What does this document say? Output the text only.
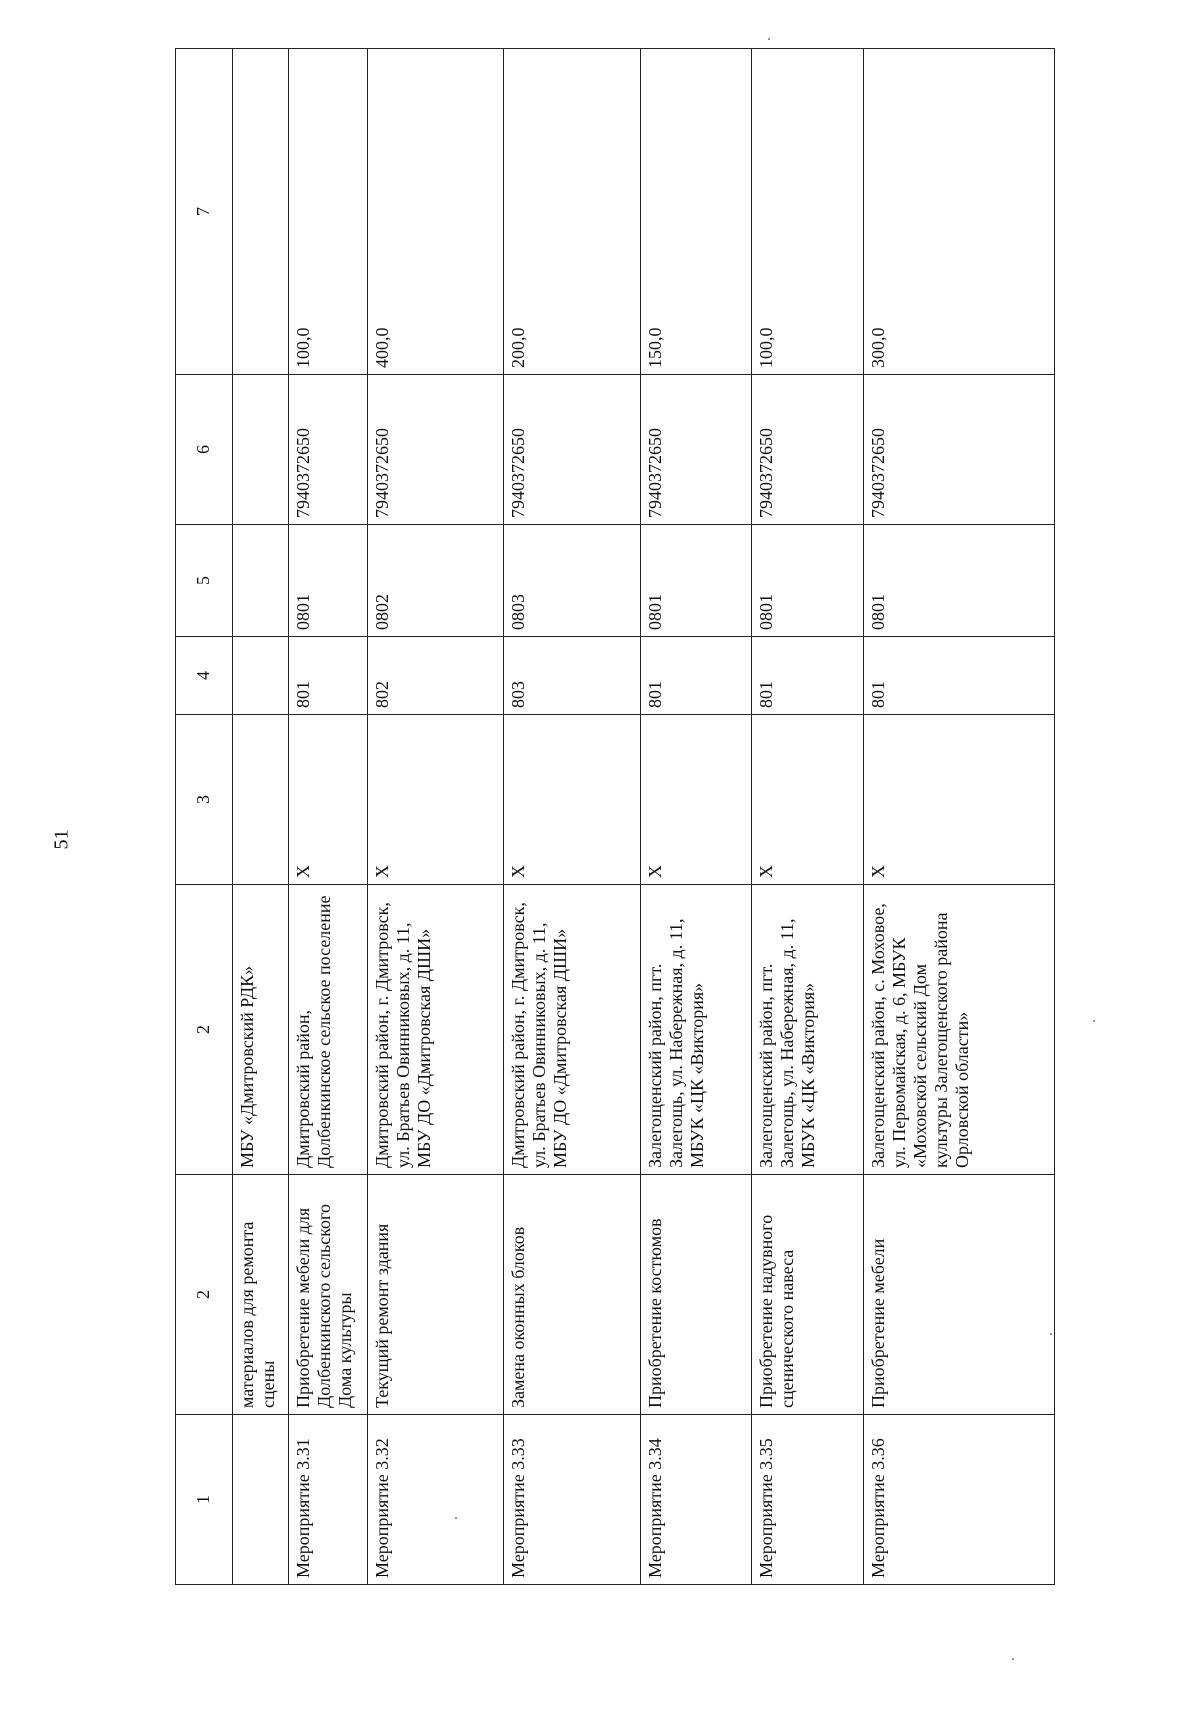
51
1	2	2	3	4	5	6	7
	материалов для ремонта сцены	МБУ «Дмитровский РДК»					
Мероприятие 3.31	Приобретение мебели для Долбенкинского сельского Дома культуры	Дмитровский район, Долбенкинское сельское поселение	Х	801	0801	7940372650	100,0
Мероприятие 3.32	Текущий ремонт здания	Дмитровский район, г. Дмитровск, ул. Братьев Овинниковых, д. 11, МБУ ДО «Дмитровская ДШИ»	Х	802	0802	7940372650	400,0
Мероприятие 3.33	Замена оконных блоков	Дмитровский район, г. Дмитровск, ул. Братьев Овинниковых, д. 11, МБУ ДО «Дмитровская ДШИ»	Х	803	0803	7940372650	200,0
Мероприятие 3.34	Приобретение костюмов	Залегощенский район, пгт. Залегощь, ул. Набережная, д. 11, МБУК «ЦК «Виктория»	Х	801	0801	7940372650	150,0
Мероприятие 3.35	Приобретение надувного сценического навеса	Залегощенский район, пгт. Залегощь, ул. Набережная, д. 11, МБУК «ЦК «Виктория»	Х	801	0801	7940372650	100,0
Мероприятие 3.36	Приобретение мебели	Залегощенский район, с. Моховое, ул. Первомайская, д. 6, МБУК «Моховской сельский Дом культуры Залегощенского района Орловской области»	Х	801	0801	7940372650	300,0
